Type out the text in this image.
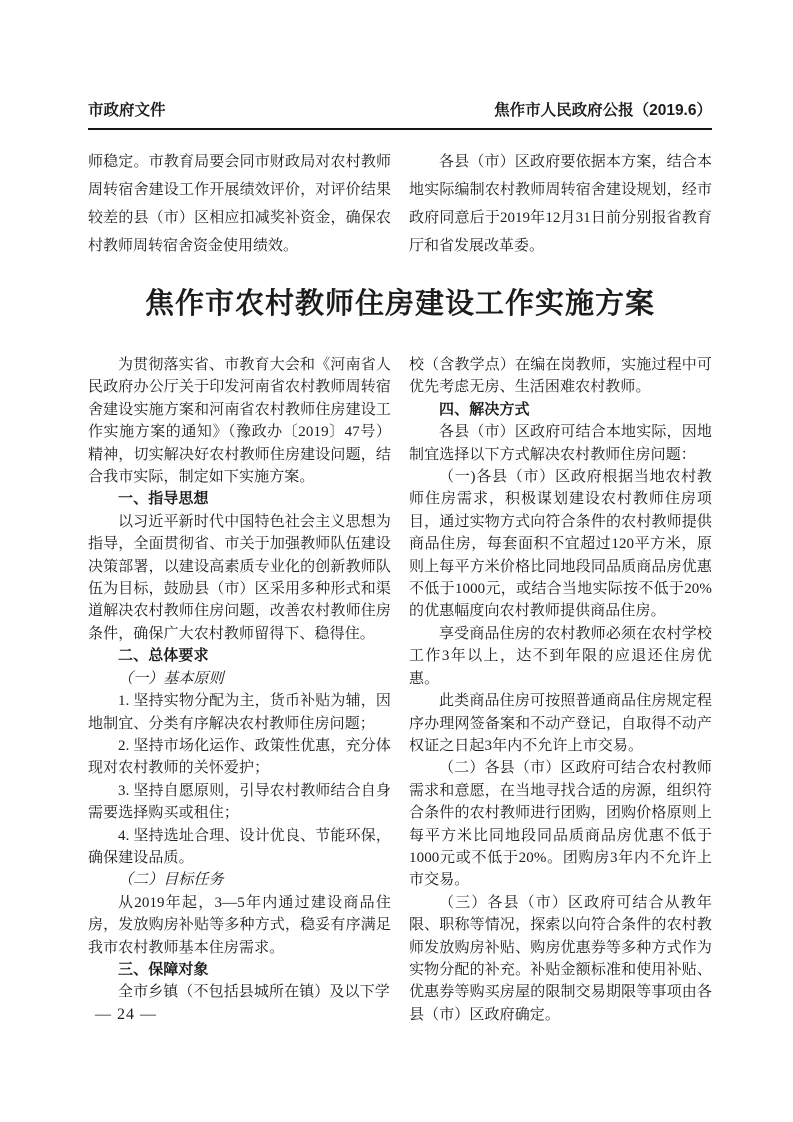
市政府文件	焦作市人民政府公报（2019.6）

师稳定。市教育局要会同市财政局对农村教师周转宿舍建设工作开展绩效评价，对评价结果较差的县（市）区相应扣减奖补资金，确保农村教师周转宿舍资金使用绩效。

各县（市）区政府要依据本方案，结合本地实际编制农村教师周转宿舍建设规划，经市政府同意后于2019年12月31日前分别报省教育厅和省发展改革委。

焦作市农村教师住房建设工作实施方案

为贯彻落实省、市教育大会和《河南省人民政府办公厅关于印发河南省农村教师周转宿舍建设实施方案和河南省农村教师住房建设工作实施方案的通知》（豫政办〔2019〕47号）精神，切实解决好农村教师住房建设问题，结合我市实际，制定如下实施方案。

一、指导思想

以习近平新时代中国特色社会主义思想为指导，全面贯彻省、市关于加强教师队伍建设决策部署，以建设高素质专业化的创新教师队伍为目标，鼓励县（市）区采用多种形式和渠道解决农村教师住房问题，改善农村教师住房条件，确保广大农村教师留得下、稳得住。

二、总体要求

（一）基本原则

1. 坚持实物分配为主，货币补贴为辅，因地制宜、分类有序解决农村教师住房问题；

2. 坚持市场化运作、政策性优惠，充分体现对农村教师的关怀爱护；

3. 坚持自愿原则，引导农村教师结合自身需要选择购买或租住；

4. 坚持选址合理、设计优良、节能环保，确保建设品质。

（二）目标任务

从2019年起，3—5年内通过建设商品住房，发放购房补贴等多种方式，稳妥有序满足我市农村教师基本住房需求。

三、保障对象

全市乡镇（不包括县城所在镇）及以下学

校（含教学点）在编在岗教师，实施过程中可优先考虑无房、生活困难农村教师。

四、解决方式

各县（市）区政府可结合本地实际，因地制宜选择以下方式解决农村教师住房问题：

（一)各县（市）区政府根据当地农村教师住房需求，积极谋划建设农村教师住房项目，通过实物方式向符合条件的农村教师提供商品住房，每套面积不宜超过120平方米，原则上每平方米价格比同地段同品质商品房优惠不低于1000元，或结合当地实际按不低于20%的优惠幅度向农村教师提供商品住房。

享受商品住房的农村教师必须在农村学校工作3年以上，达不到年限的应退还住房优惠。

此类商品住房可按照普通商品住房规定程序办理网签备案和不动产登记，自取得不动产权证之日起3年内不允许上市交易。

（二）各县（市）区政府可结合农村教师需求和意愿，在当地寻找合适的房源，组织符合条件的农村教师进行团购，团购价格原则上每平方米比同地段同品质商品房优惠不低于1000元或不低于20%。团购房3年内不允许上市交易。

（三）各县（市）区政府可结合从教年限、职称等情况，探索以向符合条件的农村教师发放购房补贴、购房优惠券等多种方式作为实物分配的补充。补贴金额标准和使用补贴、优惠券等购买房屋的限制交易期限等事项由各县（市）区政府确定。

— 24 —
